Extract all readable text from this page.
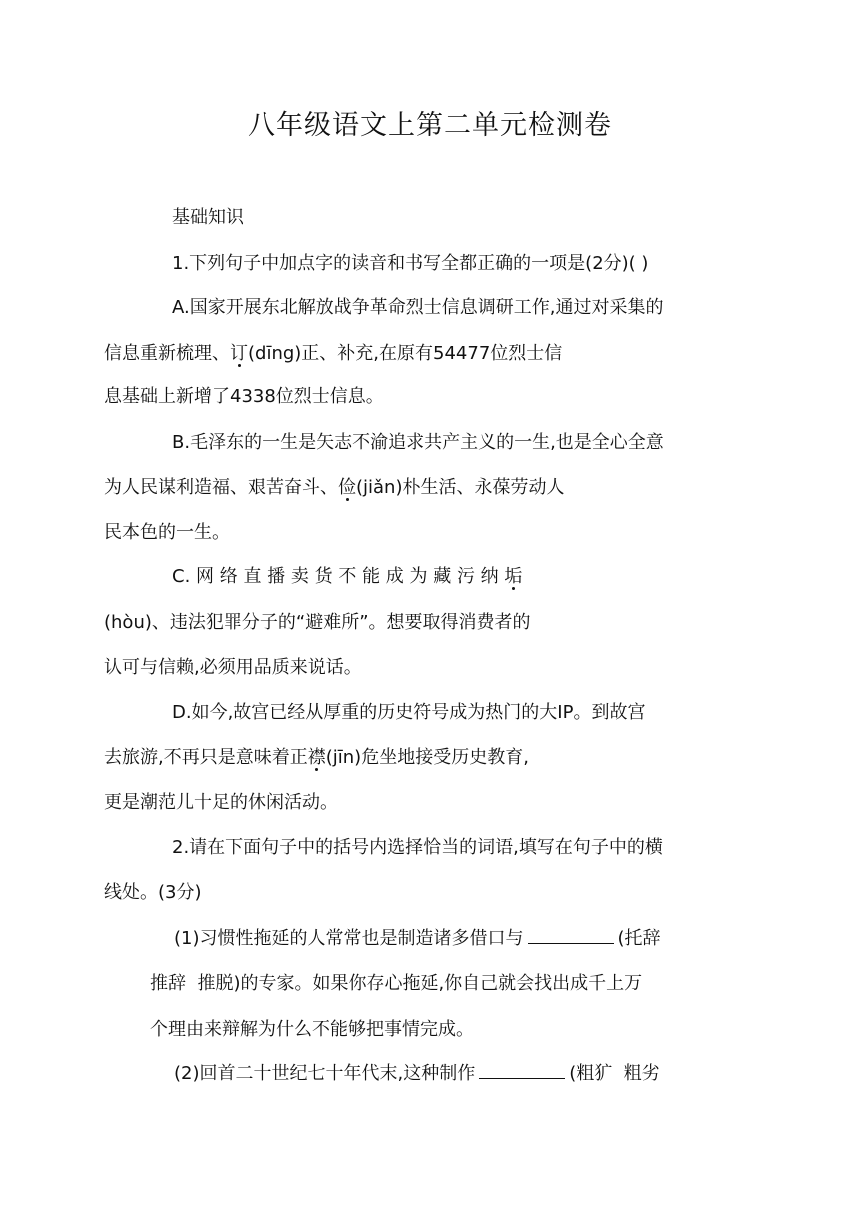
八年级语文上第二单元检测卷
基础知识
1.下列句子中加点字的读音和书写全都正确的一项是(2分)( )
A.国家开展东北解放战争革命烈士信息调研工作,通过对采集的
信息重新梳理、订(dīng)正、补充,在原有54477位烈士信
息基础上新增了4338位烈士信息。
B.毛泽东的一生是矢志不渝追求共产主义的一生,也是全心全意
为人民谋利造福、艰苦奋斗、俭(jiǎn)朴生活、永葆劳动人
民本色的一生。
C. 网 络 直 播 卖 货 不 能 成 为 藏 污 纳 垢
(hòu)、违法犯罪分子的“避难所”。想要取得消费者的
认可与信赖,必须用品质来说话。
D.如今,故宫已经从厚重的历史符号成为热门的大IP。到故宫
去旅游,不再只是意味着正襟(jīn)危坐地接受历史教育,
更是潮范儿十足的休闲活动。
2.请在下面句子中的括号内选择恰当的词语,填写在句子中的横
线处。(3分)
(1)习惯性拖延的人常常也是制造诸多借口与	(托辞
推辞  推脱)的专家。如果你存心拖延,你自己就会找出成千上万
个理由来辩解为什么不能够把事情完成。
(2)回首二十世纪七十年代末,这种制作	(粗犷  粗劣
